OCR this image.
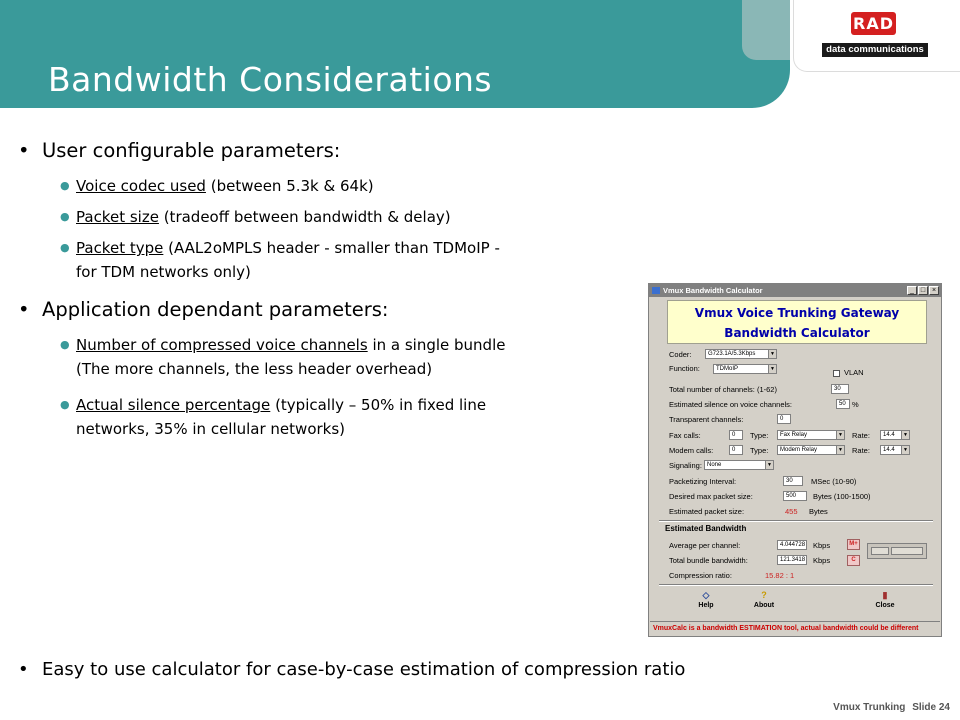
Bandwidth Considerations
RAD
data communications
• User configurable parameters:
● Voice codec used (between 5.3k & 64k)
● Packet size (tradeoff between bandwidth & delay)
● Packet type (AAL2oMPLS header - smaller than TDMoIP -
for TDM networks only)
• Application dependant parameters:
● Number of compressed voice channels in a single bundle
(The more channels, the less header overhead)
● Actual silence percentage (typically – 50% in fixed line
networks, 35% in cellular networks)
• Easy to use calculator for case-by-case estimation of compression ratio
Vmux Trunking Slide 24
Vmux Bandwidth Calculator	_ □ ×
Vmux Voice Trunking Gateway
Bandwidth Calculator
Coder:	G723.1A/5.3Kbps	▼
Function:	TDMoIP	▼	VLAN
Total number of channels: (1-62)	30
Estimated silence on voice channels:	50 %
Transparent channels:	0
Fax calls:	0	Type:	Fax Relay	▼ Rate:	14.4	▼
Modem calls:	0	Type:	Modem Relay	▼ Rate:	14.4	▼
Signaling: None	▼
Packetizing Interval:	30	MSec (10-90)
Desired max packet size:	500	Bytes (100-1500)
Estimated packet size:	455 Bytes
Estimated Bandwidth
Average per channel:	4.044728 Kbps	M+
Total bundle bandwidth:	121.3418 Kbps	C
Compression ratio:	15.82 : 1
◇
Help
?
About
▮
Close
VmuxCalc is a bandwidth ESTIMATION tool, actual bandwidth could be different
